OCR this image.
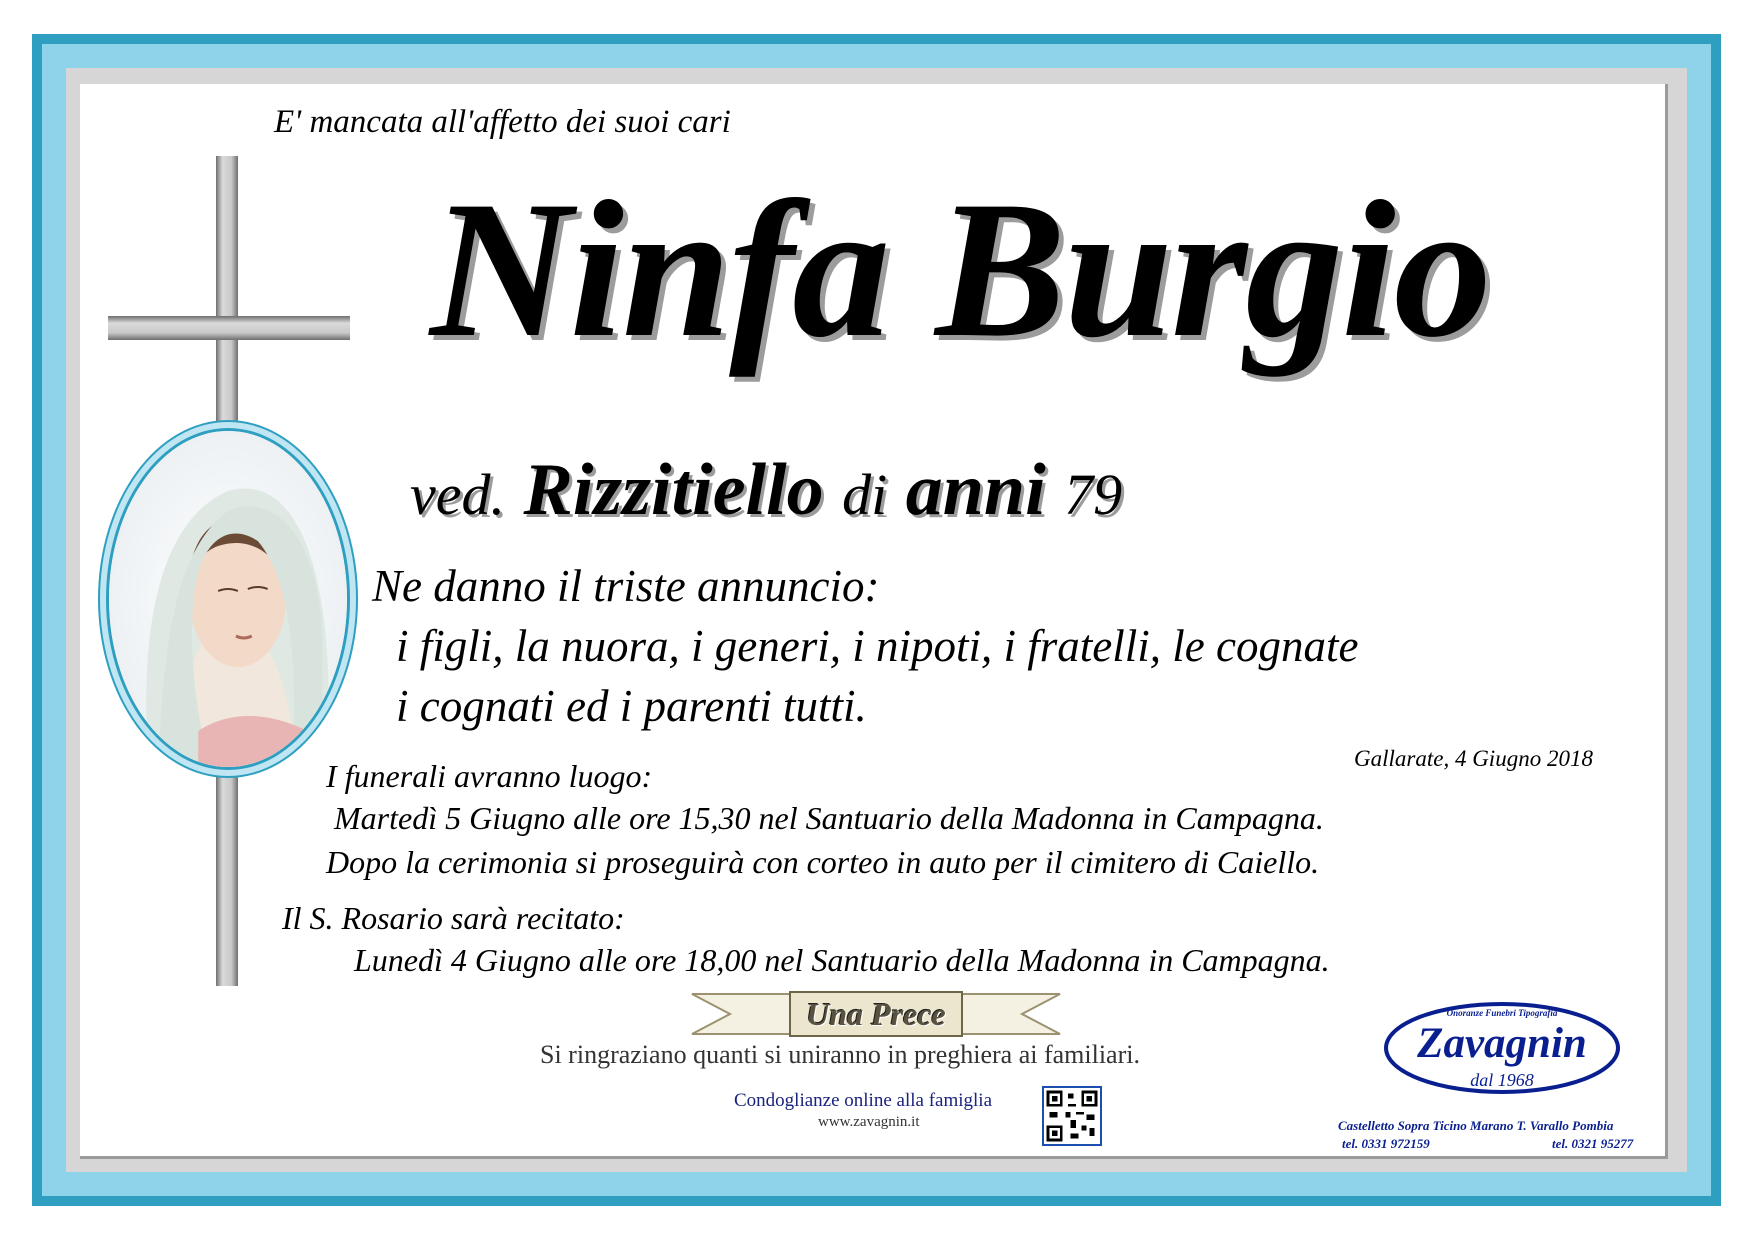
E' mancata all'affetto dei suoi cari
Ninfa Burgio
ved. Rizzitiello di anni 79
Ne danno il triste annuncio:
i figli, la nuora, i generi, i nipoti, i fratelli, le cognate
i cognati ed i parenti tutti.
Gallarate, 4 Giugno 2018
I funerali avranno luogo:
Martedì 5 Giugno alle ore 15,30 nel Santuario della Madonna in Campagna.
Dopo la cerimonia si proseguirà con corteo in auto per il cimitero di Caiello.
Il S. Rosario sarà recitato:
Lunedì 4 Giugno alle ore 18,00 nel Santuario della Madonna in Campagna.
Una Prece
Si ringraziano quanti si uniranno in preghiera ai familiari.
Condoglianze online alla famiglia
www.zavagnin.it
Onoranze Funebri Tipografia
Zavagnin
dal 1968
Castelletto Sopra Ticino Marano T. Varallo Pombia
tel. 0331 972159	tel. 0321 95277
